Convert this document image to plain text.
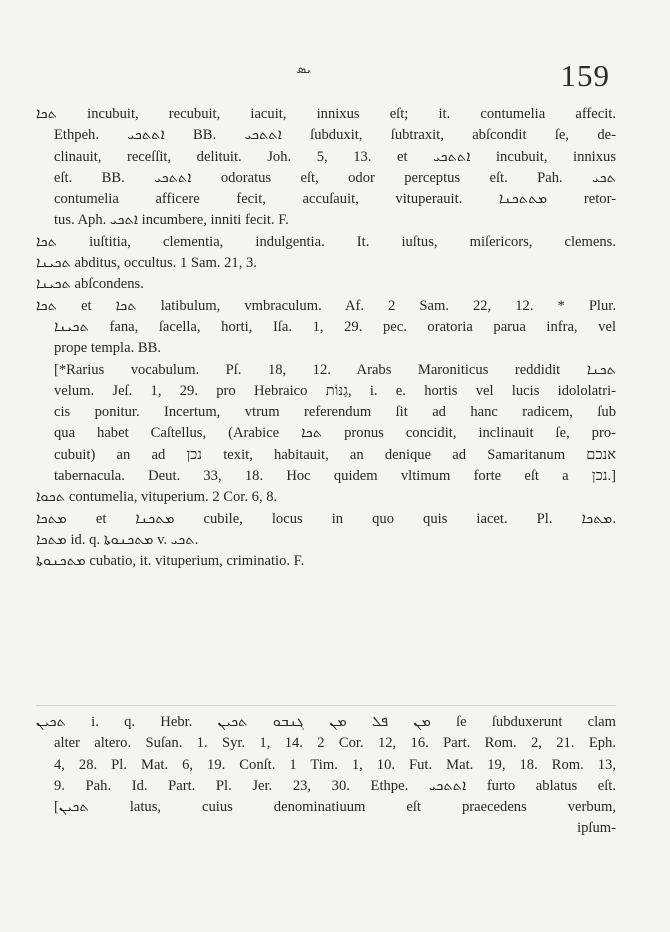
ܝܣ	159
ܬܟܐ incubuit, recubuit, iacuit, innixus eſt; it. contumelia affecit.
Ethpeh. ܐܬܬܟܝ BB. ܐܬܬܟܝ ſubduxit, ſubtraxit, abſcondit ſe, de-
clinauit, receſſit, delituit. Joh. 5, 13. et ܐܬܬܟܝ incubuit, innixus
eſt. BB. ܐܬܬܟܝ odoratus eſt, odor perceptus eſt. Pah. ܬܟܝ
contumelia afficere fecit, accuſauit, vituperauit. ܡܬܬܟܢܐ retor-
tus. Aph. ܐܬܟܝ incumbere, inniti fecit. F.
ܬܟܐ iuſtitia, clementia, indulgentia. It. iuſtus, miſericors, clemens.
ܬܟܝܢܐ abditus, occultus. 1 Sam. 21, 3.
ܬܟܝܢܐ abſcondens.
ܬܟܐ et ܬܟܐ latibulum, vmbraculum. Af. 2 Sam. 22, 12. * Plur.
ܬܟܝܢܐ fana, ſacella, horti, Iſa. 1, 29. pec. oratoria parua infra, vel
prope templa. BB.
[*Rarius vocabulum. Pſ. 18, 12. Arabs Maroniticus reddidit ܬܟܢܐ
velum. Jeſ. 1, 29. pro Hebraico גַנּוֹת, i. e. hortis vel lucis idololatri-
cis ponitur. Incertum, vtrum referendum ſit ad hanc radicem, ſub
qua habet Caſtellus, (Arabice ܬܟܐ pronus concidit, inclinauit ſe, pro-
cubuit) an ad נכן texit, habitauit, an denique ad Samaritanum אנכם
tabernacula. Deut. 33, 18. Hoc quidem vltimum forte eſt a נכן.]
ܬܟܘܐ contumelia, vituperium. 2 Cor. 6, 8.
ܡܬܟܐ et ܡܬܟܢܐ cubile, locus in quo quis iacet. Pl. ܡܬܟܐ.
ܡܬܟܐ id. q. ܡܬܟܢܘܬܐ v. ܬܟܝ.
ܡܬܟܢܘܬܐ cubatio, it. vituperium, criminatio. F.
ܬܟܝܢ i. q. Hebr. ܡܢ ܦܠ ܡܢ ܓܢܒܘ ܬܟܝܢ ſe ſubduxerunt clam
alter altero. Suſan. 1. Syr. 1, 14. 2 Cor. 12, 16. Part. Rom. 2, 21. Eph.
4, 28. Pl. Mat. 6, 19. Conſt. 1 Tim. 1, 10. Fut. Mat. 19, 18. Rom. 13,
9. Pah. Id. Part. Pl. Jer. 23, 30. Ethpe. ܐܬܬܟܝ furto ablatus eſt.
[ܬܟܝܢ latus, cuius denominatiuum eſt praecedens verbum,
ipſum-
